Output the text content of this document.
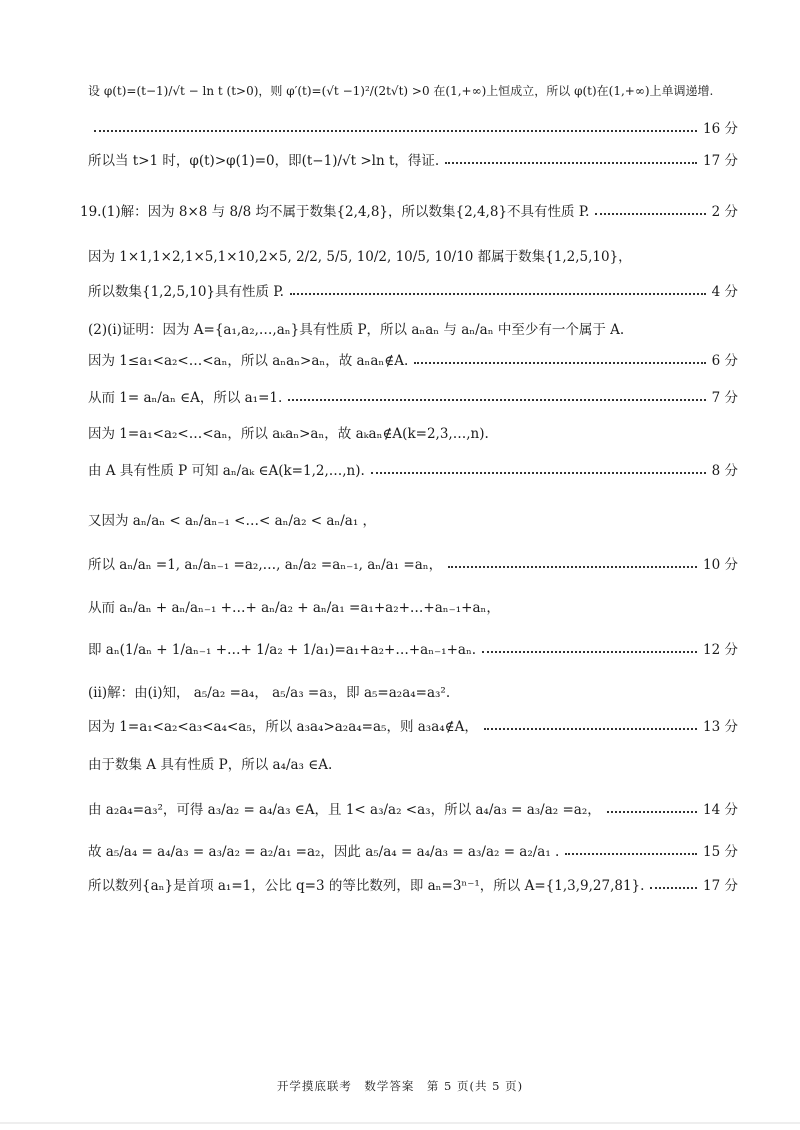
设 φ(t)=(t−1)/√t − ln t (t>0)，则 φ′(t)=(√t −1)²/(2t√t) >0 在(1,+∞)上恒成立，所以 φ(t)在(1,+∞)上单调递增.
16 分
所以当 t>1 时，φ(t)>φ(1)=0，即(t−1)/√t >ln t，得证.	17 分
19.(1)解：因为 8×8 与 8/8 均不属于数集{2,4,8}，所以数集{2,4,8}不具有性质 P.	2 分
因为 1×1,1×2,1×5,1×10,2×5, 2/2, 5/5, 10/2, 10/5, 10/10 都属于数集{1,2,5,10}，
所以数集{1,2,5,10}具有性质 P.	4 分
(2)(ⅰ)证明：因为 A={a₁,a₂,…,aₙ}具有性质 P，所以 aₙaₙ 与 aₙ/aₙ 中至少有一个属于 A.
因为 1≤a₁<a₂<…<aₙ，所以 aₙaₙ>aₙ，故 aₙaₙ∉A.	6 分
从而 1= aₙ/aₙ ∈A，所以 a₁=1.	7 分
因为 1=a₁<a₂<…<aₙ，所以 aₖaₙ>aₙ，故 aₖaₙ∉A(k=2,3,…,n).
由 A 具有性质 P 可知 aₙ/aₖ ∈A(k=1,2,…,n).	8 分
又因为 aₙ/aₙ < aₙ/aₙ₋₁ <…< aₙ/a₂ < aₙ/a₁ ，
所以 aₙ/aₙ =1, aₙ/aₙ₋₁ =a₂,…, aₙ/a₂ =aₙ₋₁, aₙ/a₁ =aₙ，	10 分
从而 aₙ/aₙ + aₙ/aₙ₋₁ +…+ aₙ/a₂ + aₙ/a₁ =a₁+a₂+…+aₙ₋₁+aₙ，
即 aₙ(1/aₙ + 1/aₙ₋₁ +…+ 1/a₂ + 1/a₁)=a₁+a₂+…+aₙ₋₁+aₙ.	12 分
(ⅱ)解：由(ⅰ)知， a₅/a₂ =a₄， a₅/a₃ =a₃，即 a₅=a₂a₄=a₃².
因为 1=a₁<a₂<a₃<a₄<a₅，所以 a₃a₄>a₂a₄=a₅，则 a₃a₄∉A，	13 分
由于数集 A 具有性质 P，所以 a₄/a₃ ∈A.
由 a₂a₄=a₃²，可得 a₃/a₂ = a₄/a₃ ∈A，且 1< a₃/a₂ <a₃，所以 a₄/a₃ = a₃/a₂ =a₂，	14 分
故 a₅/a₄ = a₄/a₃ = a₃/a₂ = a₂/a₁ =a₂，因此 a₅/a₄ = a₄/a₃ = a₃/a₂ = a₂/a₁ .	15 分
所以数列{aₙ}是首项 a₁=1，公比 q=3 的等比数列，即 aₙ=3ⁿ⁻¹，所以 A={1,3,9,27,81}.	17 分
开学摸底联考　数学答案　第 5 页(共 5 页)
